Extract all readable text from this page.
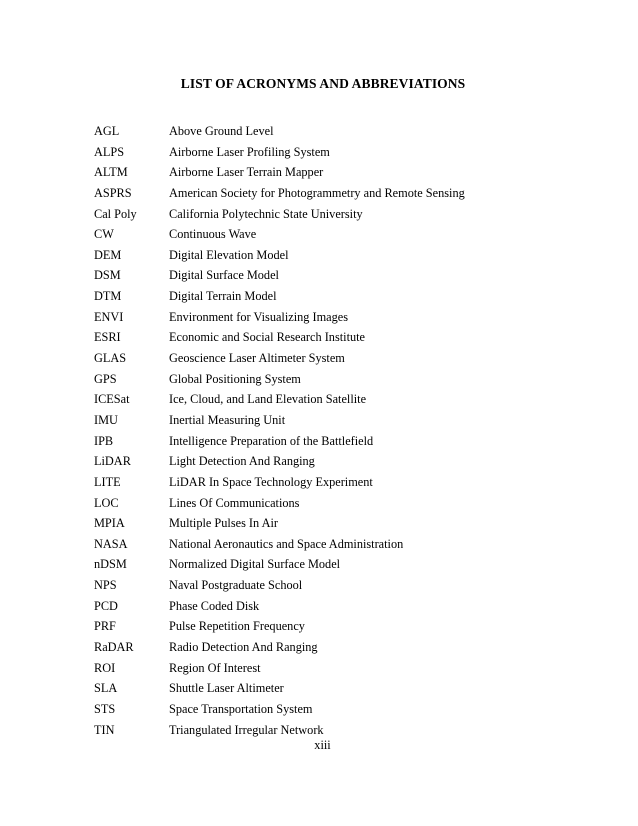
LIST OF ACRONYMS AND ABBREVIATIONS
AGL	Above Ground Level
ALPS	Airborne Laser Profiling System
ALTM	Airborne Laser Terrain Mapper
ASPRS	American Society for Photogrammetry and Remote Sensing
Cal Poly	California Polytechnic State University
CW	Continuous Wave
DEM	Digital Elevation Model
DSM	Digital Surface Model
DTM	Digital Terrain Model
ENVI	Environment for Visualizing Images
ESRI	Economic and Social Research Institute
GLAS	Geoscience Laser Altimeter System
GPS	Global Positioning System
ICESat	Ice, Cloud, and Land Elevation Satellite
IMU	Inertial Measuring Unit
IPB	Intelligence Preparation of the Battlefield
LiDAR	Light Detection And Ranging
LITE	LiDAR In Space Technology Experiment
LOC	Lines Of Communications
MPIA	Multiple Pulses In Air
NASA	National Aeronautics and Space Administration
nDSM	Normalized Digital Surface Model
NPS	Naval Postgraduate School
PCD	Phase Coded Disk
PRF	Pulse Repetition Frequency
RaDAR	Radio Detection And Ranging
ROI	Region Of Interest
SLA	Shuttle Laser Altimeter
STS	Space Transportation System
TIN	Triangulated Irregular Network
xiii
